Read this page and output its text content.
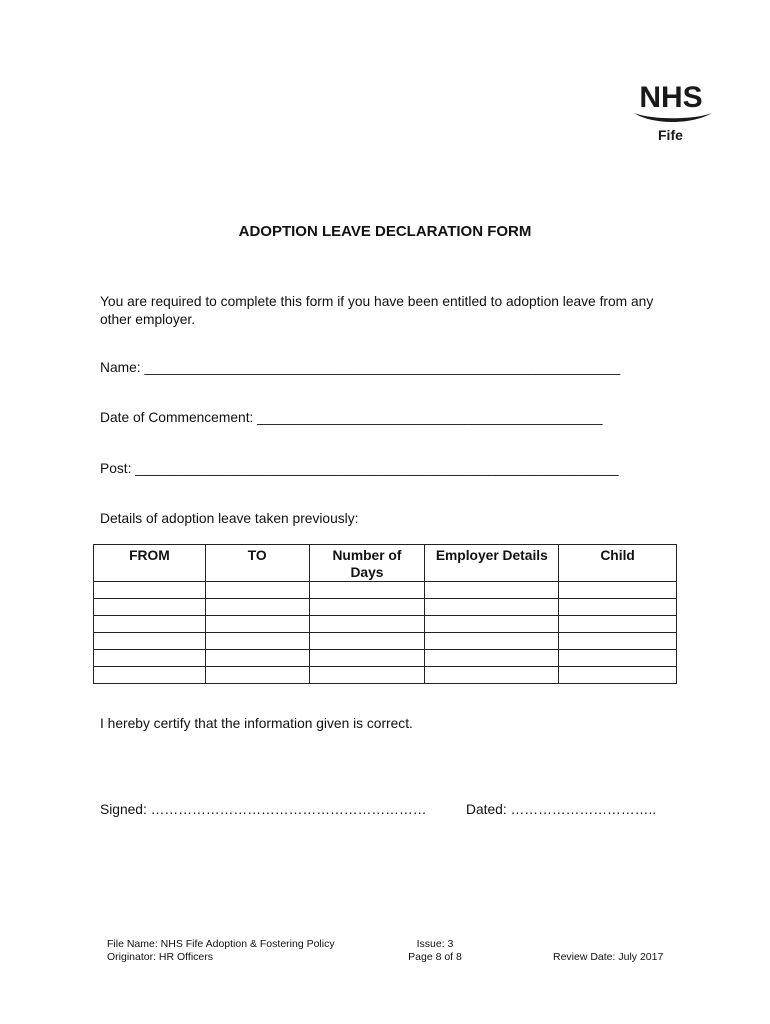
NHS
Fife
ADOPTION LEAVE DECLARATION FORM
You are required to complete this form if you have been entitled to adoption leave from any other employer.
Name: ______________________________________________________________
Date of Commencement: _____________________________________________
Post: _______________________________________________________________
Details of adoption leave taken previously:
FROM	TO	Number of Days	Employer Details	Child

I hereby certify that the information given is correct.
Signed: ……………………………………………………	Dated: …………………………..
File Name: NHS Fife Adoption & Fostering Policy
Originator: HR Officers
Issue: 3
Page 8 of 8	Review Date: July 2017
